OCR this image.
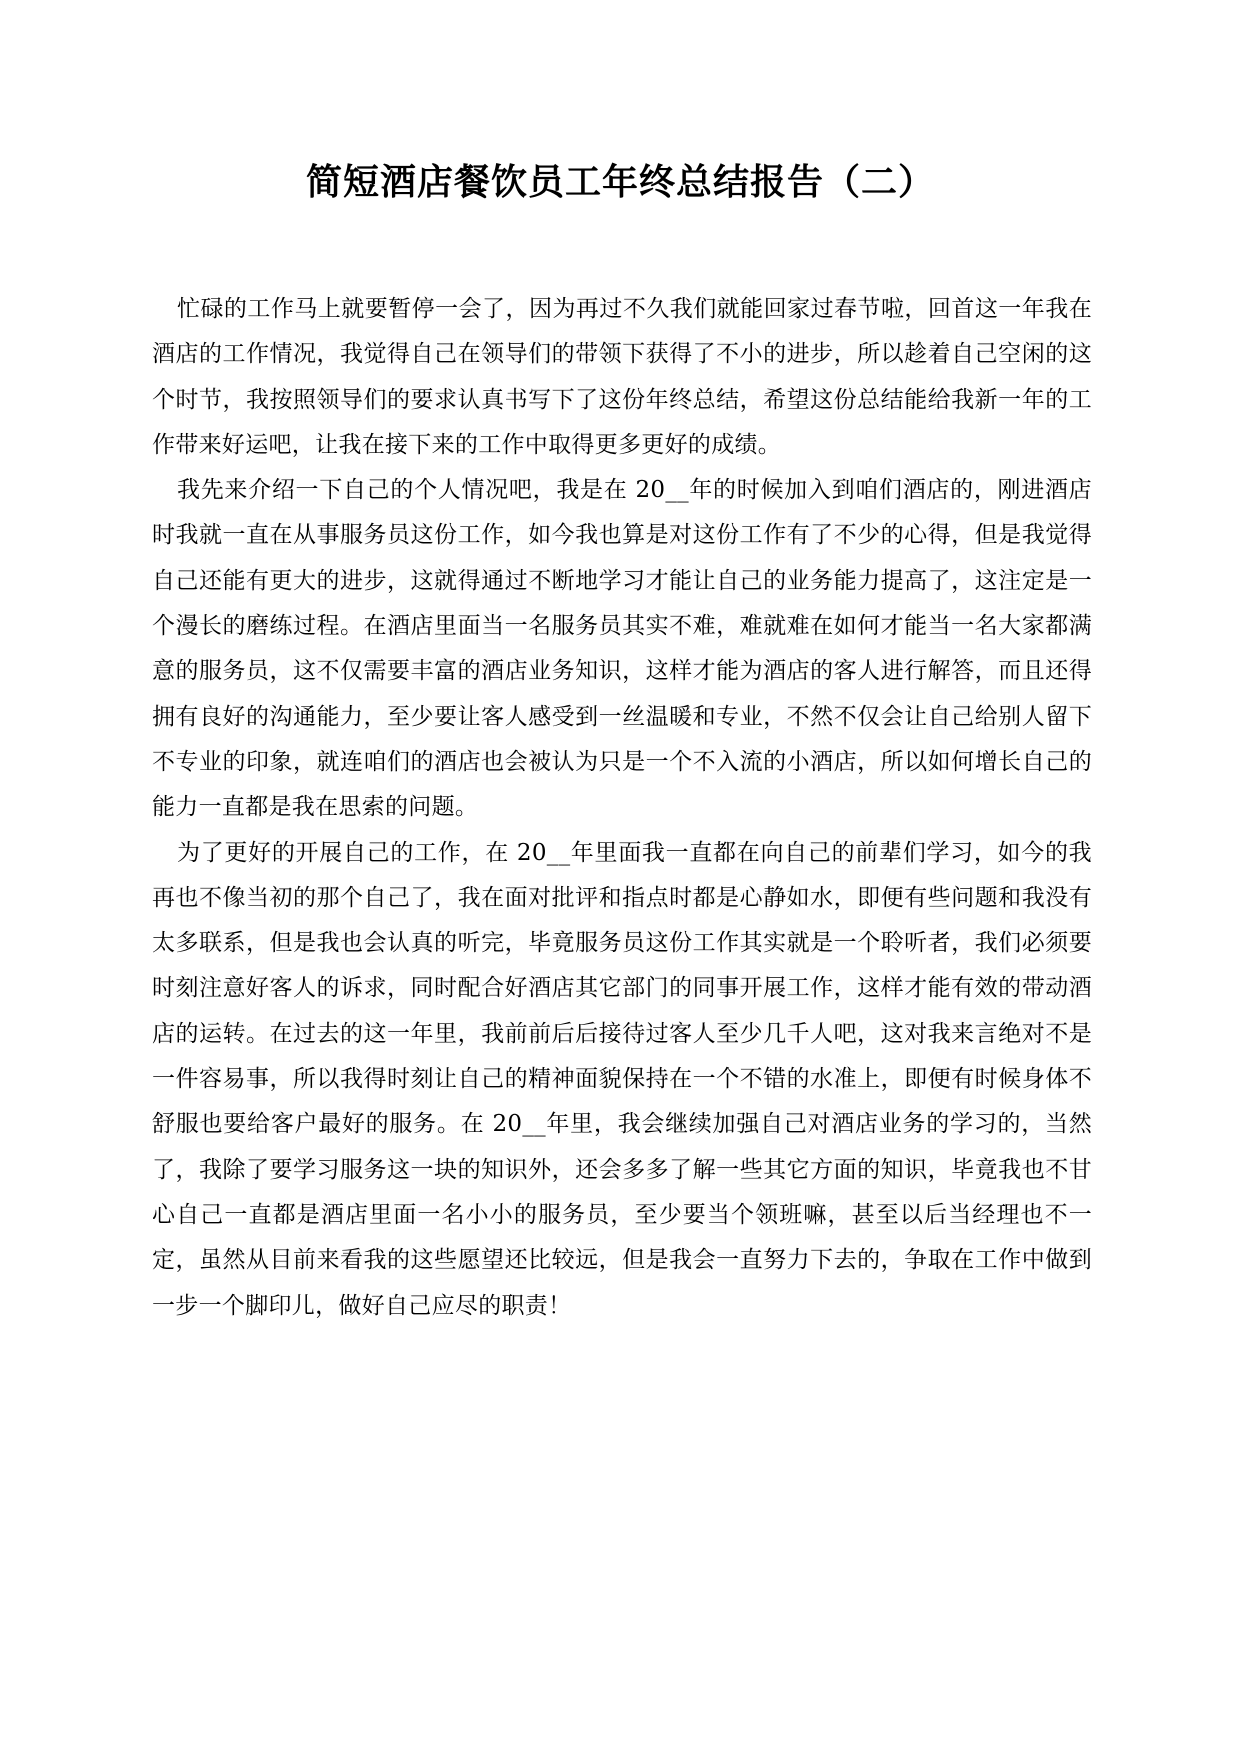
简短酒店餐饮员工年终总结报告（二）

忙碌的工作马上就要暂停一会了，因为再过不久我们就能回家过春节啦，回首这一年我在酒店的工作情况，我觉得自己在领导们的带领下获得了不小的进步，所以趁着自己空闲的这个时节，我按照领导们的要求认真书写下了这份年终总结，希望这份总结能给我新一年的工作带来好运吧，让我在接下来的工作中取得更多更好的成绩。

我先来介绍一下自己的个人情况吧，我是在 20__年的时候加入到咱们酒店的，刚进酒店时我就一直在从事服务员这份工作，如今我也算是对这份工作有了不少的心得，但是我觉得自己还能有更大的进步，这就得通过不断地学习才能让自己的业务能力提高了，这注定是一个漫长的磨练过程。在酒店里面当一名服务员其实不难，难就难在如何才能当一名大家都满意的服务员，这不仅需要丰富的酒店业务知识，这样才能为酒店的客人进行解答，而且还得拥有良好的沟通能力，至少要让客人感受到一丝温暖和专业，不然不仅会让自己给别人留下不专业的印象，就连咱们的酒店也会被认为只是一个不入流的小酒店，所以如何增长自己的能力一直都是我在思索的问题。

为了更好的开展自己的工作，在 20__年里面我一直都在向自己的前辈们学习，如今的我再也不像当初的那个自己了，我在面对批评和指点时都是心静如水，即便有些问题和我没有太多联系，但是我也会认真的听完，毕竟服务员这份工作其实就是一个聆听者，我们必须要时刻注意好客人的诉求，同时配合好酒店其它部门的同事开展工作，这样才能有效的带动酒店的运转。在过去的这一年里，我前前后后接待过客人至少几千人吧，这对我来言绝对不是一件容易事，所以我得时刻让自己的精神面貌保持在一个不错的水准上，即便有时候身体不舒服也要给客户最好的服务。在 20__年里，我会继续加强自己对酒店业务的学习的，当然了，我除了要学习服务这一块的知识外，还会多多了解一些其它方面的知识，毕竟我也不甘心自己一直都是酒店里面一名小小的服务员，至少要当个领班嘛，甚至以后当经理也不一定，虽然从目前来看我的这些愿望还比较远，但是我会一直努力下去的，争取在工作中做到一步一个脚印儿，做好自己应尽的职责！
